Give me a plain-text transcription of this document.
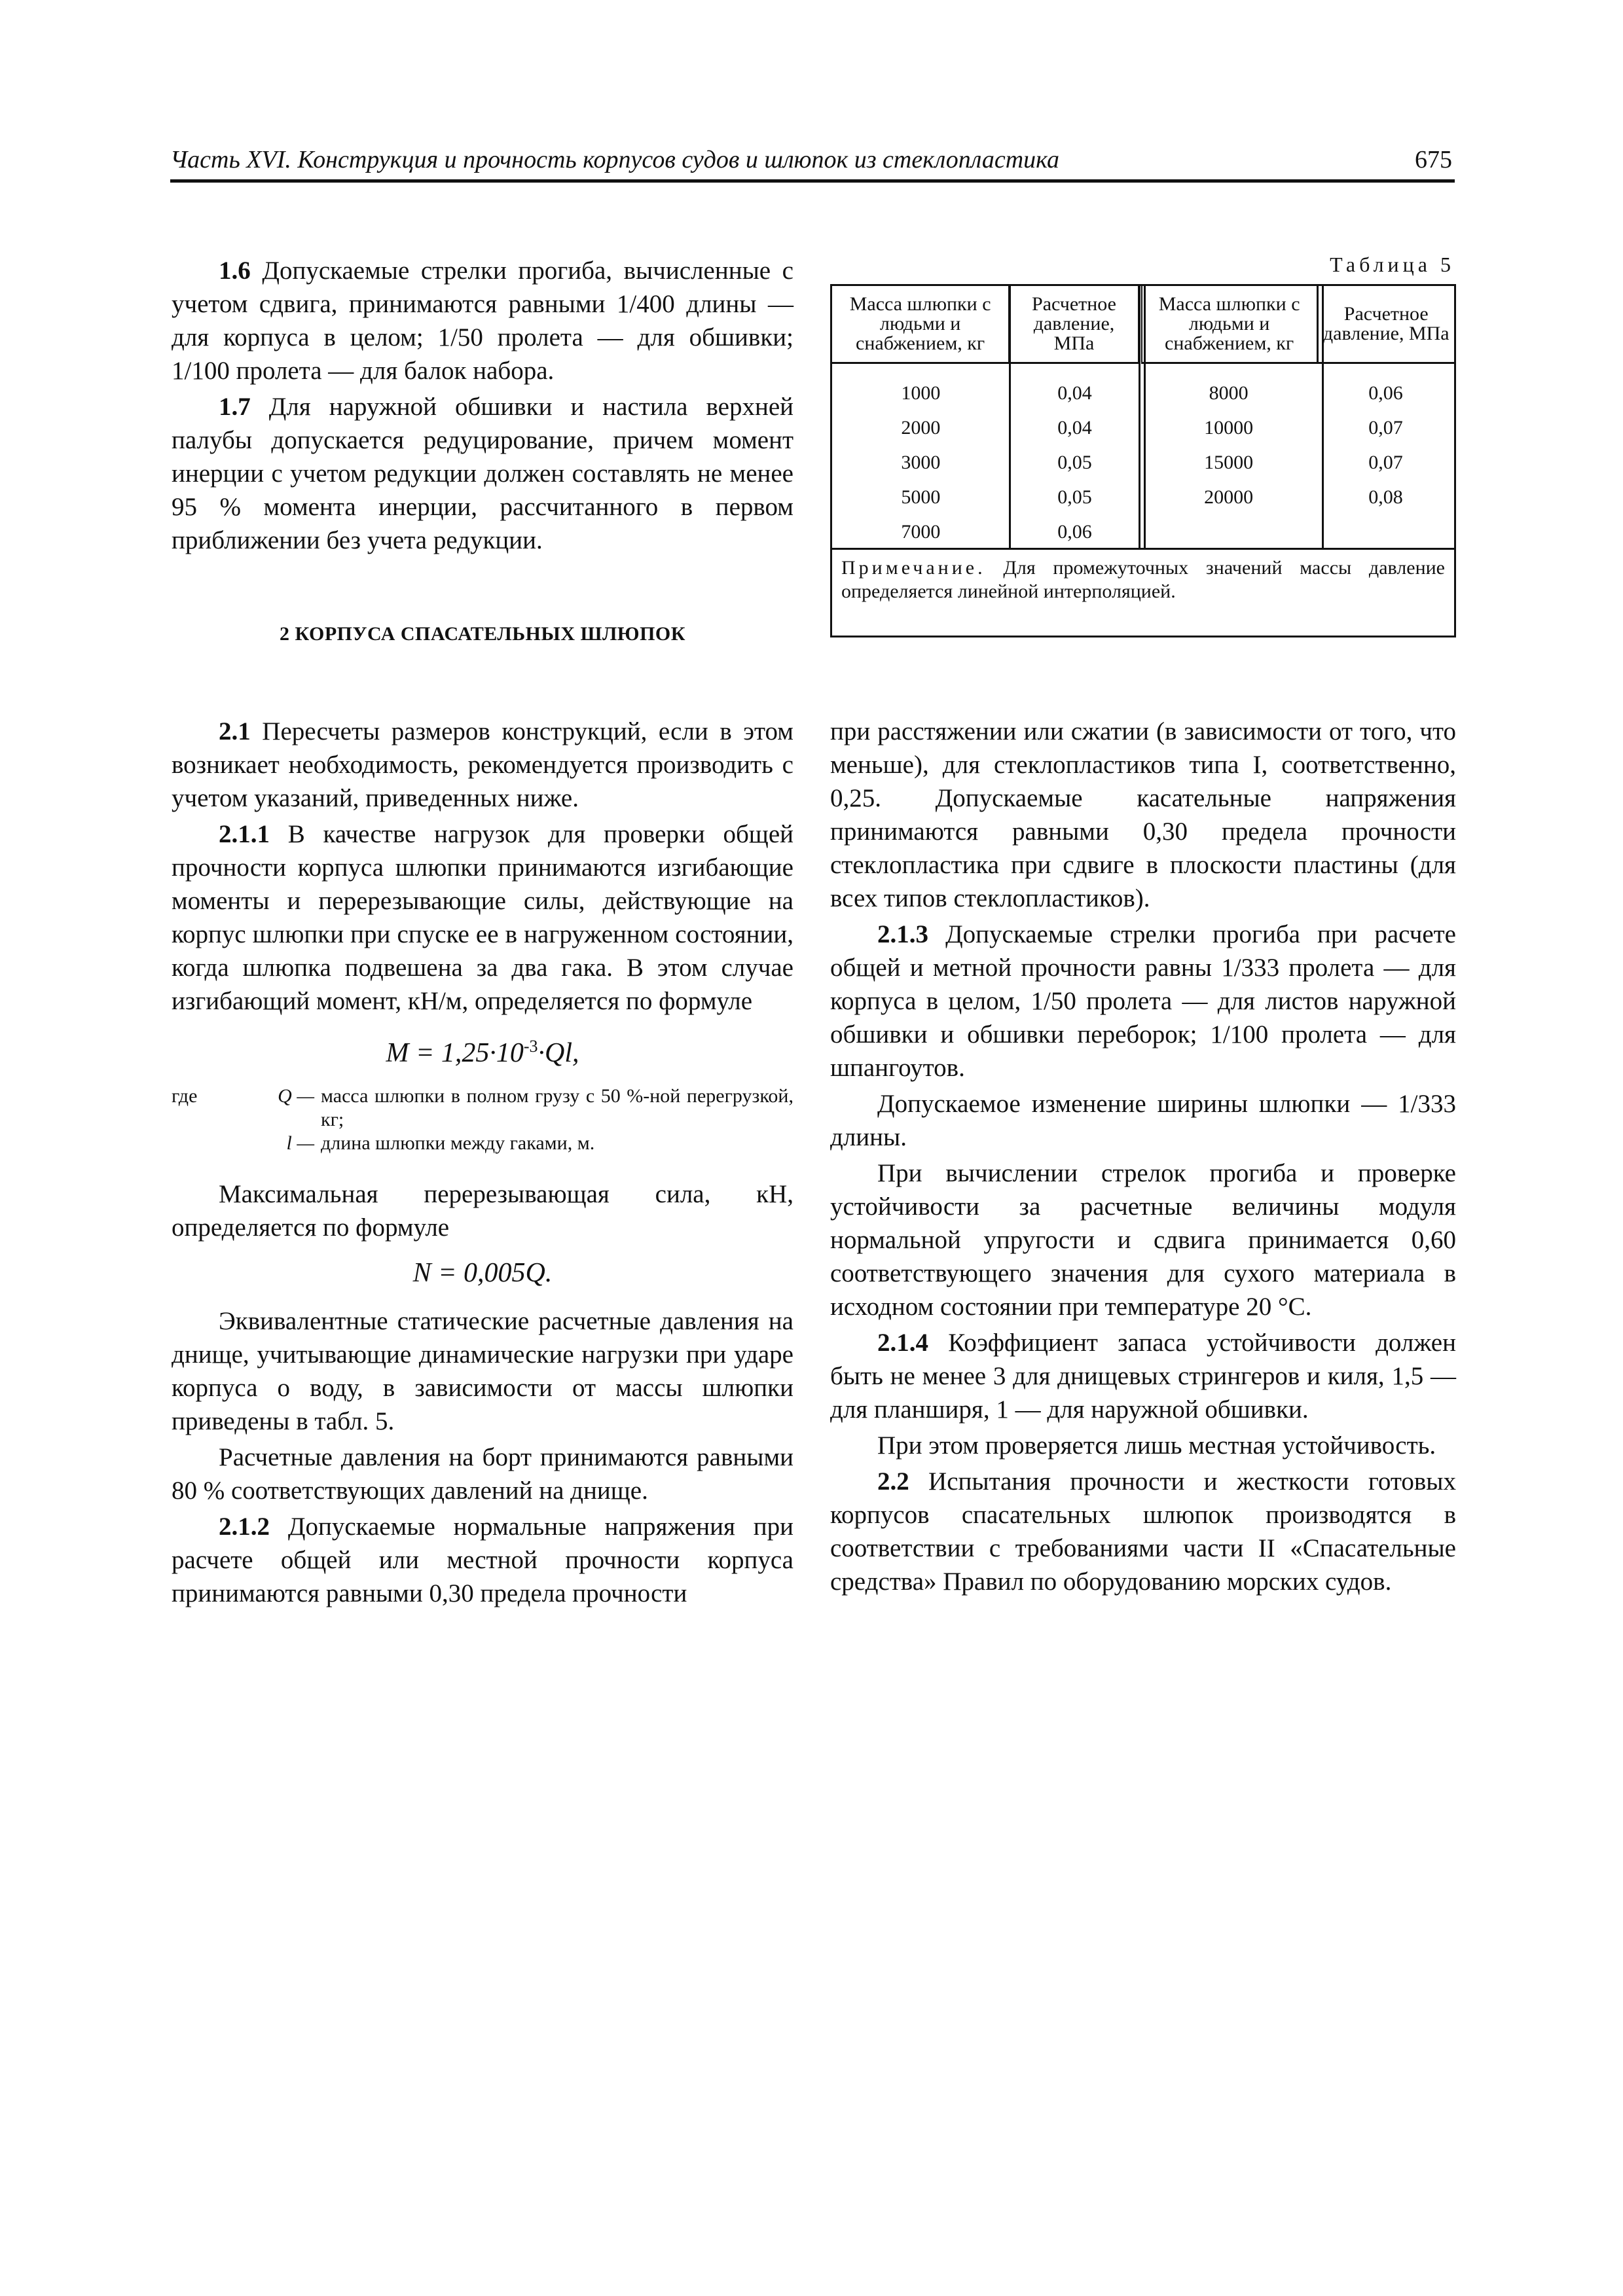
Часть XVI. Конструкция и прочность корпусов судов и шлюпок из стеклопластика	675

1.6 Допускаемые стрелки прогиба, вычисленные с учетом сдвига, принимаются равными 1/400 длины — для корпуса в целом; 1/50 пролета — для обшивки; 1/100 пролета — для балок набора.

1.7 Для наружной обшивки и настила верхней палубы допускается редуцирование, причем момент инерции с учетом редукции должен составлять не менее 95 % момента инерции, рассчитанного в первом приближении без учета редукции.

2 КОРПУСА СПАСАТЕЛЬНЫХ ШЛЮПОК
Таблица 5
Масса шлюпки с людьми и снабжением, кг	Расчетное давление, МПа	Масса шлюпки с людьми и снабжением, кг	Расчетное давление, МПа
1000	0,04	8000	0,06
2000	0,04	10000	0,07
3000	0,05	15000	0,07
5000	0,05	20000	0,08
7000	0,06		
Примечание. Для промежуточных значений массы давление определяется линейной интерполяцией.

2.1 Пересчеты размеров конструкций, если в этом возникает необходимость, рекомендуется производить с учетом указаний, приведенных ниже.

2.1.1 В качестве нагрузок для проверки общей прочности корпуса шлюпки принимаются изгибающие моменты и перерезывающие силы, действующие на корпус шлюпки при спуске ее в нагруженном состоянии, когда шлюпка подвешена за два гака. В этом случае изгибающий момент, кН/м, определяется по формуле

$M = 1,25\cdot 10^{-3}\cdot Ql$,
где	Q — масса шлюпки в полном грузу с 50 %-ной перегрузкой, кг;
l — длина шлюпки между гаками, м.

Максимальная перерезывающая сила, кН, определяется по формуле

N = 0,005Q.

Эквивалентные статические расчетные давления на днище, учитывающие динамические нагрузки при ударе корпуса о воду, в зависимости от массы шлюпки приведены в табл. 5.

Расчетные давления на борт принимаются равными 80 % соответствующих давлений на днище.

2.1.2 Допускаемые нормальные напряжения при расчете общей или местной прочности корпуса принимаются равными 0,30 предела прочности

при расстяжении или сжатии (в зависимости от того, что меньше), для стеклопластиков типа I, соответственно, 0,25. Допускаемые касательные напряжения принимаются равными 0,30 предела прочности стеклопластика при сдвиге в плоскости пластины (для всех типов стеклопластиков).

2.1.3 Допускаемые стрелки прогиба при расчете общей и метной прочности равны 1/333 пролета — для корпуса в целом, 1/50 пролета — для листов наружной обшивки и обшивки переборок; 1/100 пролета — для шпангоутов.

Допускаемое изменение ширины шлюпки — 1/333 длины.

При вычислении стрелок прогиба и проверке устойчивости за расчетные величины модуля нормальной упругости и сдвига принимается 0,60 соответствующего значения для сухого материала в исходном состоянии при температуре 20 °С.

2.1.4 Коэффициент запаса устойчивости должен быть не менее 3 для днищевых стрингеров и киля, 1,5 — для планширя, 1 — для наружной обшивки.

При этом проверяется лишь местная устойчивость.

2.2 Испытания прочности и жесткости готовых корпусов спасательных шлюпок производятся в соответствии с требованиями части II «Спасательные средства» Правил по оборудованию морских судов.
